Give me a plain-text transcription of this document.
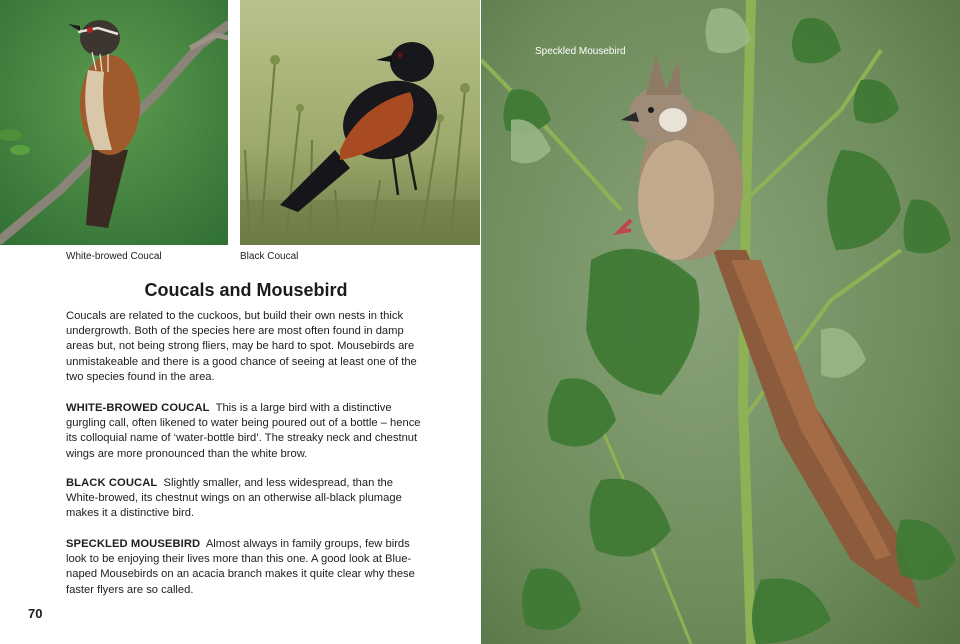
White-browed Coucal	Black Coucal
Speckled Mousebird
Coucals and Mousebird

Coucals are related to the cuckoos, but build their own nests in thick undergrowth. Both of the species here are most often found in damp areas but, not being strong fliers, may be hard to spot. Mousebirds are unmistakeable and there is a good chance of seeing at least one of the two species found in the area.

WHITE-BROWED COUCAL This is a large bird with a distinctive gurgling call, often likened to water being poured out of a bottle – hence its colloquial name of ‘water-bottle bird’. The streaky neck and chestnut wings are more pronounced than the white brow.

BLACK COUCAL Slightly smaller, and less widespread, than the White-browed, its chestnut wings on an otherwise all-black plumage makes it a distinctive bird.

SPECKLED MOUSEBIRD Almost always in family groups, few birds look to be enjoying their lives more than this one. A good look at Blue-naped Mousebirds on an acacia branch makes it quite clear why these faster flyers are so called.

70
